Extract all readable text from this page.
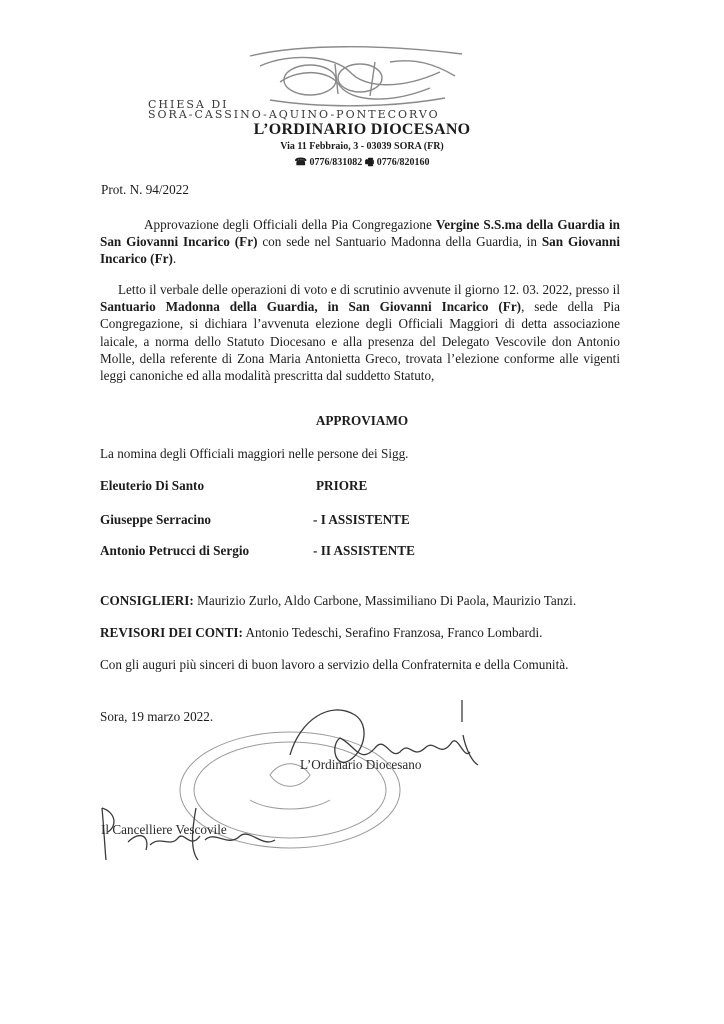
CHIESA DI
SORA-CASSINO-AQUINO-PONTECORVO
L’ORDINARIO DIOCESANO
Via 11 Febbraio, 3 - 03039 SORA (FR)
☎ 0776/831082 🖷 0776/820160
Prot. N. 94/2022
Approvazione degli Officiali della Pia Congregazione Vergine S.S.ma della Guardia in San Giovanni Incarico (Fr) con sede nel Santuario Madonna della Guardia, in San Giovanni Incarico (Fr).
Letto il verbale delle operazioni di voto e di scrutinio avvenute il giorno 12. 03. 2022, presso il Santuario Madonna della Guardia, in San Giovanni Incarico (Fr), sede della Pia Congregazione, si dichiara l’avvenuta elezione degli Officiali Maggiori di detta associazione laicale, a norma dello Statuto Diocesano e alla presenza del Delegato Vescovile don Antonio Molle, della referente di Zona Maria Antonietta Greco, trovata l’elezione conforme alle vigenti leggi canoniche ed alla modalità prescritta dal suddetto Statuto,
APPROVIAMO
La nomina degli Officiali maggiori nelle persone dei Sigg.
Eleuterio Di Santo	PRIORE
Giuseppe Serracino	- I ASSISTENTE
Antonio Petrucci di Sergio	- II ASSISTENTE
CONSIGLIERI: Maurizio Zurlo, Aldo Carbone, Massimiliano Di Paola, Maurizio Tanzi.
REVISORI DEI CONTI: Antonio Tedeschi, Serafino Franzosa, Franco Lombardi.
Con gli auguri più sinceri di buon lavoro a servizio della Confraternita e della Comunità.
Sora, 19 marzo 2022.
L’Ordinario Diocesano
Il Cancelliere Vescovile
